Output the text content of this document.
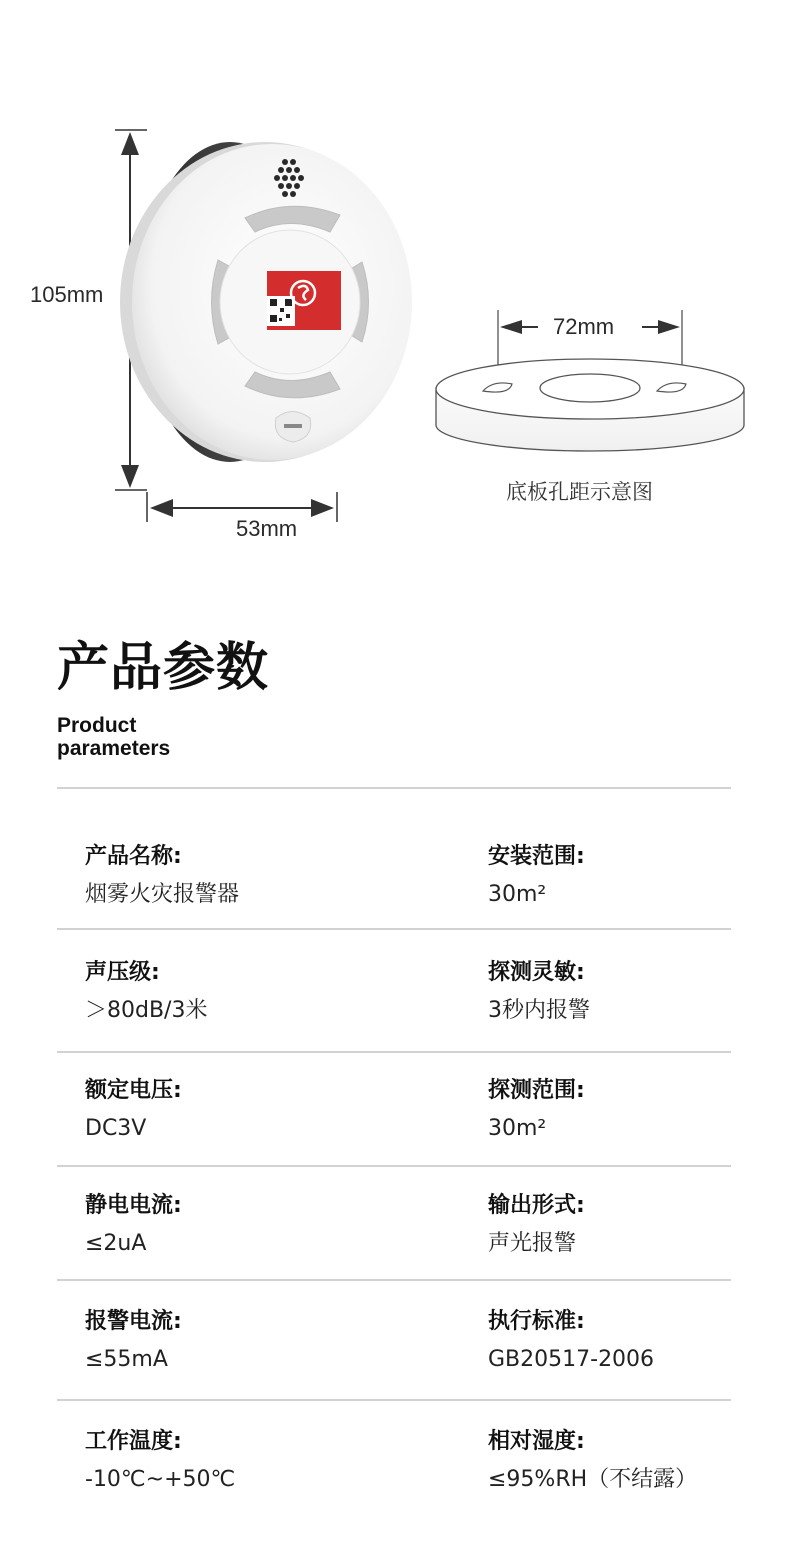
105mm
53mm
72mm
底板孔距示意图
产品参数
Product
parameters
产品名称:
烟雾火灾报警器
安装范围:
30m²
声压级:
＞80dB/3米
探测灵敏:
3秒内报警
额定电压:
DC3V
探测范围:
30m²
静电电流:
≤2uA
输出形式:
声光报警
报警电流:
≤55mA
执行标准:
GB20517-2006
工作温度:
-10℃~+50℃
相对湿度:
≤95%RH（不结露）
